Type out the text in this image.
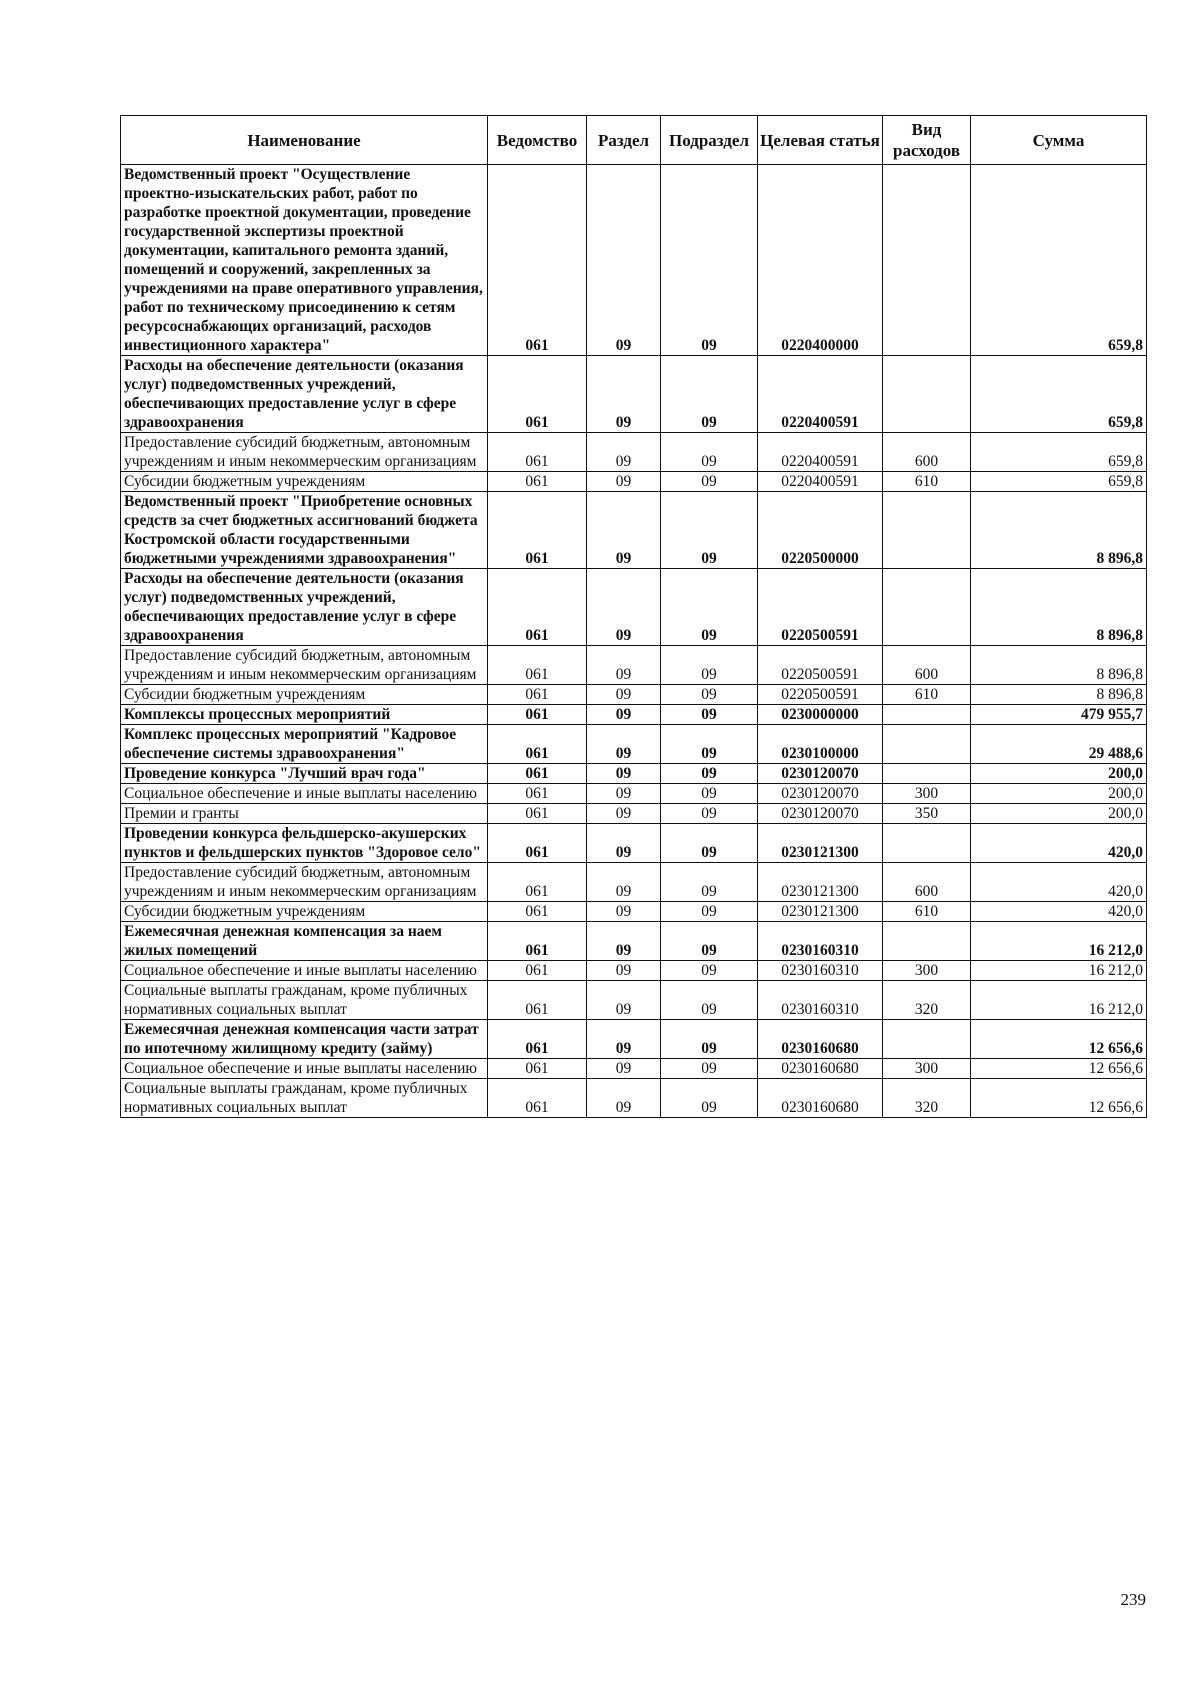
Наименование	Ведомство	Раздел	Подраздел	Целевая статья	Вид расходов	Сумма
Ведомственный проект "Осуществление проектно-изыскательских работ, работ по разработке проектной документации, проведение государственной экспертизы проектной документации, капитального ремонта зданий, помещений и сооружений, закрепленных за учреждениями на праве оперативного управления, работ по техническому присоединению к сетям ресурсоснабжающих организаций, расходов инвестиционного характера"	061	09	09	0220400000		659,8
Расходы на обеспечение деятельности (оказания услуг) подведомственных учреждений, обеспечивающих предоставление услуг в сфере здравоохранения	061	09	09	0220400591		659,8
Предоставление субсидий бюджетным, автономным учреждениям и иным некоммерческим организациям	061	09	09	0220400591	600	659,8
Субсидии бюджетным учреждениям	061	09	09	0220400591	610	659,8
Ведомственный проект "Приобретение основных средств за счет бюджетных ассигнований бюджета Костромской области государственными бюджетными учреждениями здравоохранения"	061	09	09	0220500000		8 896,8
Расходы на обеспечение деятельности (оказания услуг) подведомственных учреждений, обеспечивающих предоставление услуг в сфере здравоохранения	061	09	09	0220500591		8 896,8
Предоставление субсидий бюджетным, автономным учреждениям и иным некоммерческим организациям	061	09	09	0220500591	600	8 896,8
Субсидии бюджетным учреждениям	061	09	09	0220500591	610	8 896,8
Комплексы процессных мероприятий	061	09	09	0230000000		479 955,7
Комплекс процессных мероприятий "Кадровое обеспечение системы здравоохранения"	061	09	09	0230100000		29 488,6
Проведение конкурса "Лучший врач года"	061	09	09	0230120070		200,0
Социальное обеспечение и иные выплаты населению	061	09	09	0230120070	300	200,0
Премии и гранты	061	09	09	0230120070	350	200,0
Проведении конкурса фельдшерско-акушерских пунктов и фельдшерских пунктов "Здоровое село"	061	09	09	0230121300		420,0
Предоставление субсидий бюджетным, автономным учреждениям и иным некоммерческим организациям	061	09	09	0230121300	600	420,0
Субсидии бюджетным учреждениям	061	09	09	0230121300	610	420,0
Ежемесячная денежная компенсация за наем жилых помещений	061	09	09	0230160310		16 212,0
Социальное обеспечение и иные выплаты населению	061	09	09	0230160310	300	16 212,0
Социальные выплаты гражданам, кроме публичных нормативных социальных выплат	061	09	09	0230160310	320	16 212,0
Ежемесячная денежная компенсация части затрат по ипотечному жилищному кредиту (займу)	061	09	09	0230160680		12 656,6
Социальное обеспечение и иные выплаты населению	061	09	09	0230160680	300	12 656,6
Социальные выплаты гражданам, кроме публичных нормативных социальных выплат	061	09	09	0230160680	320	12 656,6
239
